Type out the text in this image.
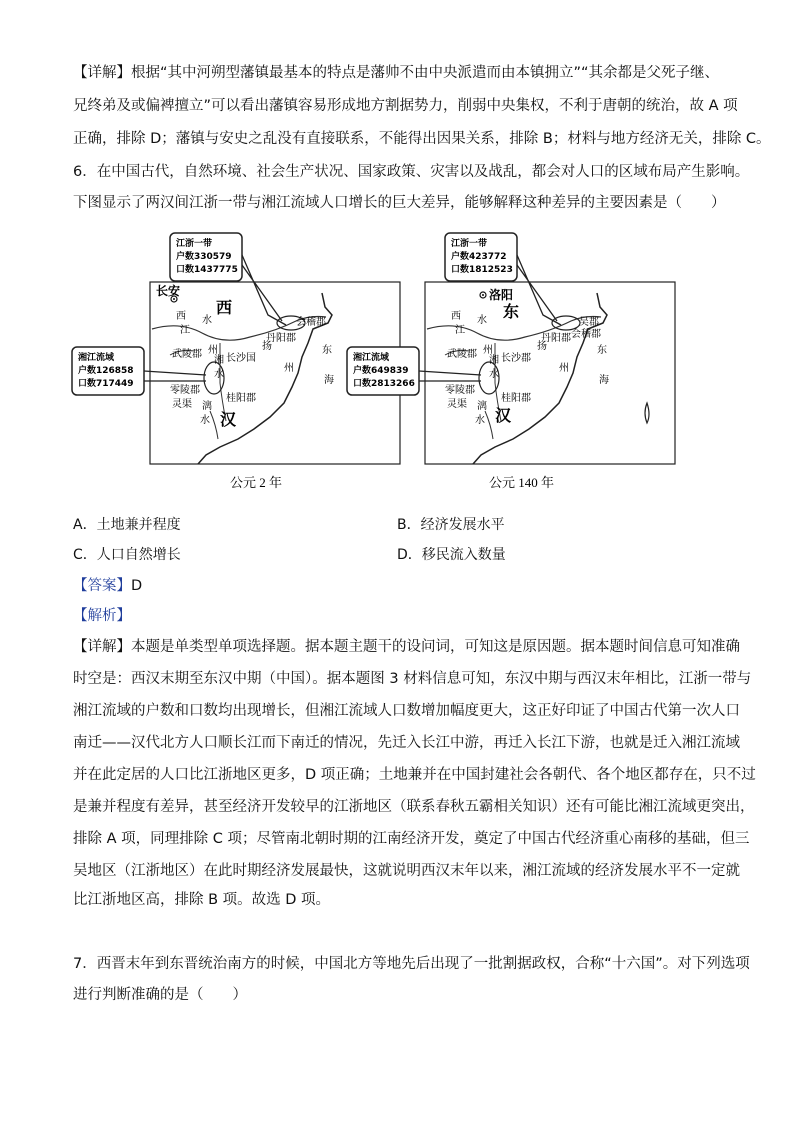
【详解】根据“其中河朔型藩镇最基本的特点是藩帅不由中央派遣而由本镇拥立”“其余都是父死子继、
兄终弟及或偏裨擅立”可以看出藩镇容易形成地方割据势力，削弱中央集权，不利于唐朝的统治，故 A 项
正确，排除 D；藩镇与安史之乱没有直接联系，不能得出因果关系，排除 B；材料与地方经济无关，排除 C。
6．在中国古代，自然环境、社会生产状况、国家政策、灾害以及战乱，都会对人口的区域布局产生影响。
下图显示了两汉间江浙一带与湘江流域人口增长的巨大差异，能够解释这种差异的主要因素是（　　）
长安
西
汉
西
江
水
江浙一带
户数330579
口数1437775
湘江流域
户数126858
口数717449
丹阳郡
会稽郡
武陵郡 长沙国
零陵郡
桂阳郡
灵渠
东
海
扬
州
湘
水
漓
水
州
公元 2 年
洛阳
东
汉
西
江
水
江浙一带
户数423772
口数1812523
湘江流域
户数649839
口数2813266
丹阳郡
吴郡
会稽郡
武陵郡 长沙郡
零陵郡
桂阳郡
灵渠
东
海
扬
州
湘
水
漓
水
州
公元 140 年
A．土地兼并程度	B．经济发展水平
C．人口自然增长	D．移民流入数量
【答案】D
【解析】
【详解】本题是单类型单项选择题。据本题主题干的设问词，可知这是原因题。据本题时间信息可知准确
时空是：西汉末期至东汉中期（中国）。据本题图 3 材料信息可知，东汉中期与西汉末年相比，江浙一带与
湘江流域的户数和口数均出现增长，但湘江流域人口数增加幅度更大，这正好印证了中国古代第一次人口
南迁——汉代北方人口顺长江而下南迁的情况，先迁入长江中游，再迁入长江下游，也就是迁入湘江流域
并在此定居的人口比江浙地区更多，D 项正确；土地兼并在中国封建社会各朝代、各个地区都存在，只不过
是兼并程度有差异，甚至经济开发较早的江浙地区（联系春秋五霸相关知识）还有可能比湘江流域更突出，
排除 A 项，同理排除 C 项；尽管南北朝时期的江南经济开发，奠定了中国古代经济重心南移的基础，但三
吴地区（江浙地区）在此时期经济发展最快，这就说明西汉末年以来，湘江流域的经济发展水平不一定就
比江浙地区高，排除 B 项。故选 D 项。
7．西晋末年到东晋统治南方的时候，中国北方等地先后出现了一批割据政权，合称“十六国”。对下列选项
进行判断准确的是（　　）
